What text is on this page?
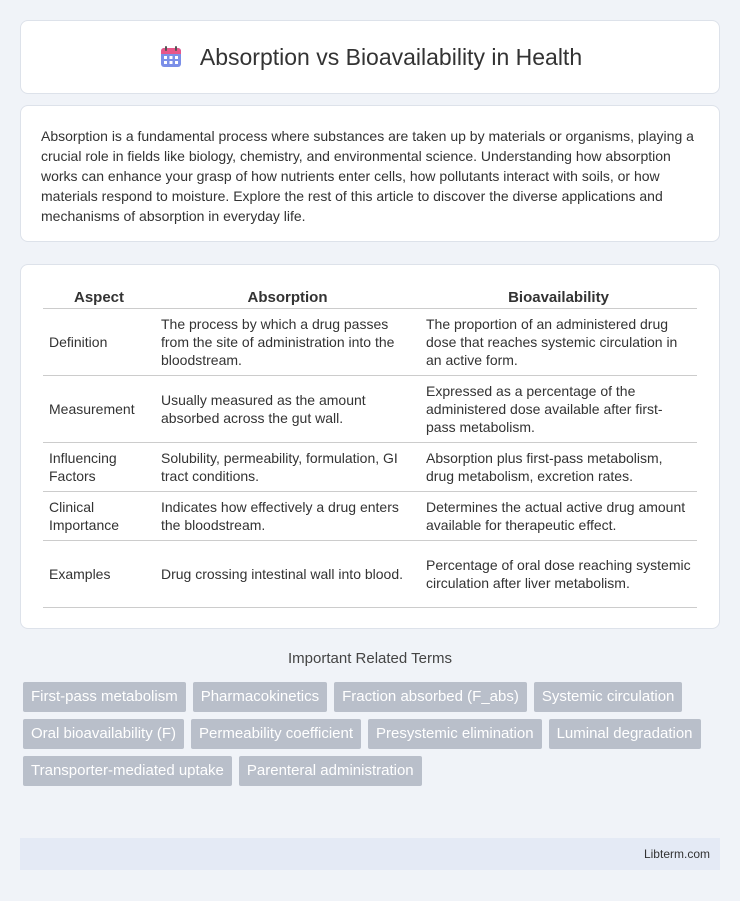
Absorption vs Bioavailability in Health

Absorption is a fundamental process where substances are taken up by materials or organisms, playing a crucial role in fields like biology, chemistry, and environmental science. Understanding how absorption works can enhance your grasp of how nutrients enter cells, how pollutants interact with soils, or how materials respond to moisture. Explore the rest of this article to discover the diverse applications and mechanisms of absorption in everyday life.

Aspect	Absorption	Bioavailability
Definition	The process by which a drug passes from the site of administration into the bloodstream.	The proportion of an administered drug dose that reaches systemic circulation in an active form.
Measurement	Usually measured as the amount absorbed across the gut wall.	Expressed as a percentage of the administered dose available after first-pass metabolism.
Influencing Factors	Solubility, permeability, formulation, GI tract conditions.	Absorption plus first-pass metabolism, drug metabolism, excretion rates.
Clinical Importance	Indicates how effectively a drug enters the bloodstream.	Determines the actual active drug amount available for therapeutic effect.
Examples	Drug crossing intestinal wall into blood.	Percentage of oral dose reaching systemic circulation after liver metabolism.
Important Related Terms
First-pass metabolism	Pharmacokinetics	Fraction absorbed (F_abs)	Systemic circulation
Oral bioavailability (F)	Permeability coefficient	Presystemic elimination	Luminal degradation
Transporter-mediated uptake	Parenteral administration
Libterm.com
